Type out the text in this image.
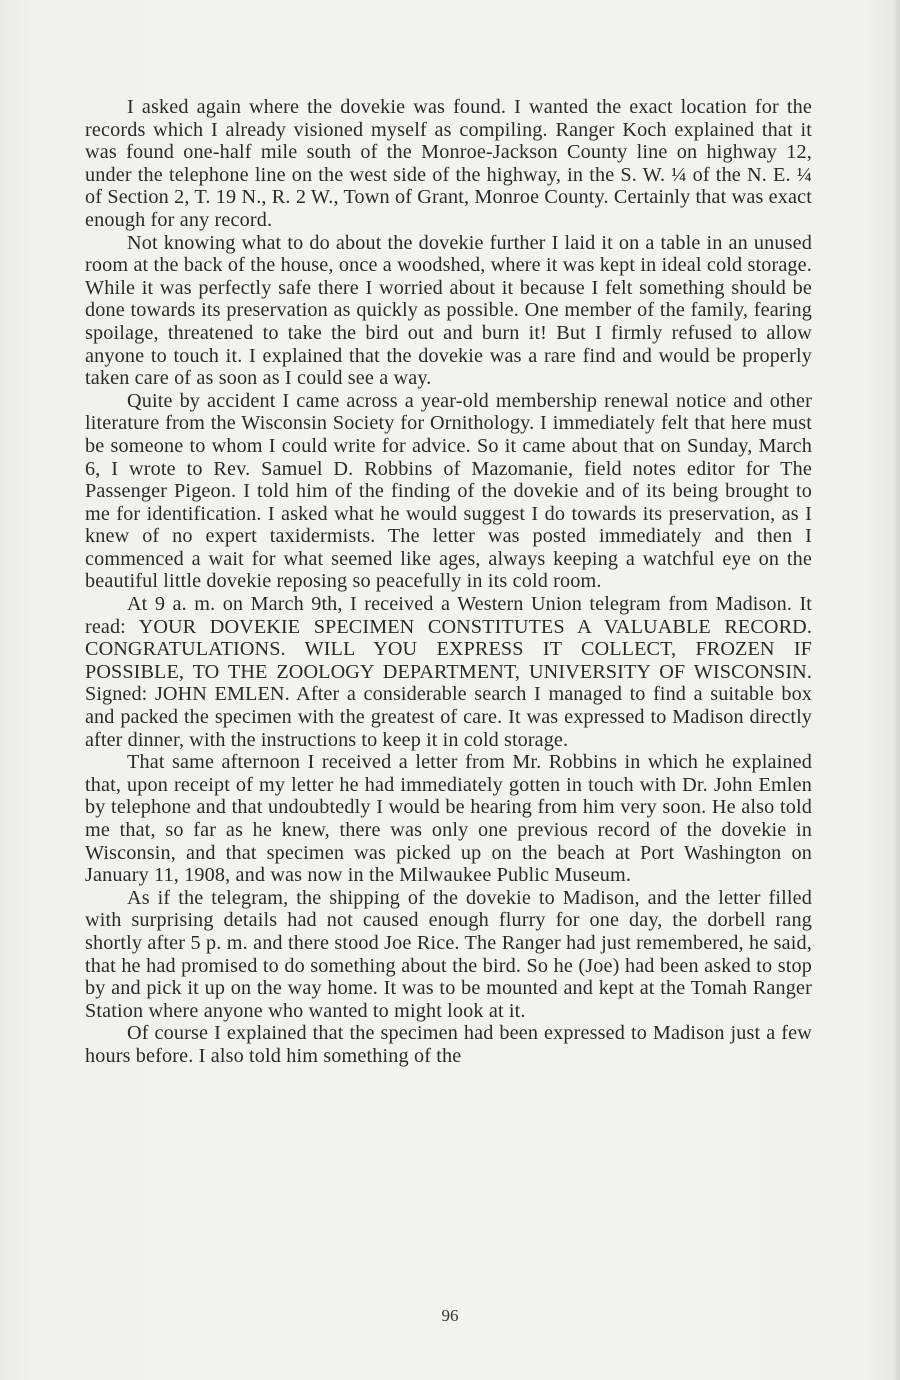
I asked again where the dovekie was found. I wanted the exact location for the records which I already visioned myself as compiling. Ranger Koch explained that it was found one-half mile south of the Monroe-Jackson County line on highway 12, under the telephone line on the west side of the highway, in the S. W. ¼ of the N. E. ¼ of Section 2, T. 19 N., R. 2 W., Town of Grant, Monroe County. Certainly that was exact enough for any record.

Not knowing what to do about the dovekie further I laid it on a table in an unused room at the back of the house, once a woodshed, where it was kept in ideal cold storage. While it was perfectly safe there I worried about it because I felt something should be done towards its preservation as quickly as possible. One member of the family, fearing spoilage, threatened to take the bird out and burn it! But I firmly refused to allow anyone to touch it. I explained that the dovekie was a rare find and would be properly taken care of as soon as I could see a way.

Quite by accident I came across a year-old membership renewal notice and other literature from the Wisconsin Society for Ornithology. I immediately felt that here must be someone to whom I could write for advice. So it came about that on Sunday, March 6, I wrote to Rev. Samuel D. Robbins of Mazomanie, field notes editor for The Passenger Pigeon. I told him of the finding of the dovekie and of its being brought to me for identification. I asked what he would suggest I do towards its preservation, as I knew of no expert taxidermists. The letter was posted immediately and then I commenced a wait for what seemed like ages, always keeping a watchful eye on the beautiful little dovekie reposing so peacefully in its cold room.

At 9 a. m. on March 9th, I received a Western Union telegram from Madison. It read: YOUR DOVEKIE SPECIMEN CONSTITUTES A VALUABLE RECORD. CONGRATULATIONS. WILL YOU EXPRESS IT COLLECT, FROZEN IF POSSIBLE, TO THE ZOOLOGY DEPARTMENT, UNIVERSITY OF WISCONSIN. Signed: JOHN EMLEN. After a considerable search I managed to find a suitable box and packed the specimen with the greatest of care. It was expressed to Madison directly after dinner, with the instructions to keep it in cold storage.

That same afternoon I received a letter from Mr. Robbins in which he explained that, upon receipt of my letter he had immediately gotten in touch with Dr. John Emlen by telephone and that undoubtedly I would be hearing from him very soon. He also told me that, so far as he knew, there was only one previous record of the dovekie in Wisconsin, and that specimen was picked up on the beach at Port Washington on January 11, 1908, and was now in the Milwaukee Public Museum.

As if the telegram, the shipping of the dovekie to Madison, and the letter filled with surprising details had not caused enough flurry for one day, the dorbell rang shortly after 5 p. m. and there stood Joe Rice. The Ranger had just remembered, he said, that he had promised to do something about the bird. So he (Joe) had been asked to stop by and pick it up on the way home. It was to be mounted and kept at the Tomah Ranger Station where anyone who wanted to might look at it.

Of course I explained that the specimen had been expressed to Madison just a few hours before. I also told him something of the

96
